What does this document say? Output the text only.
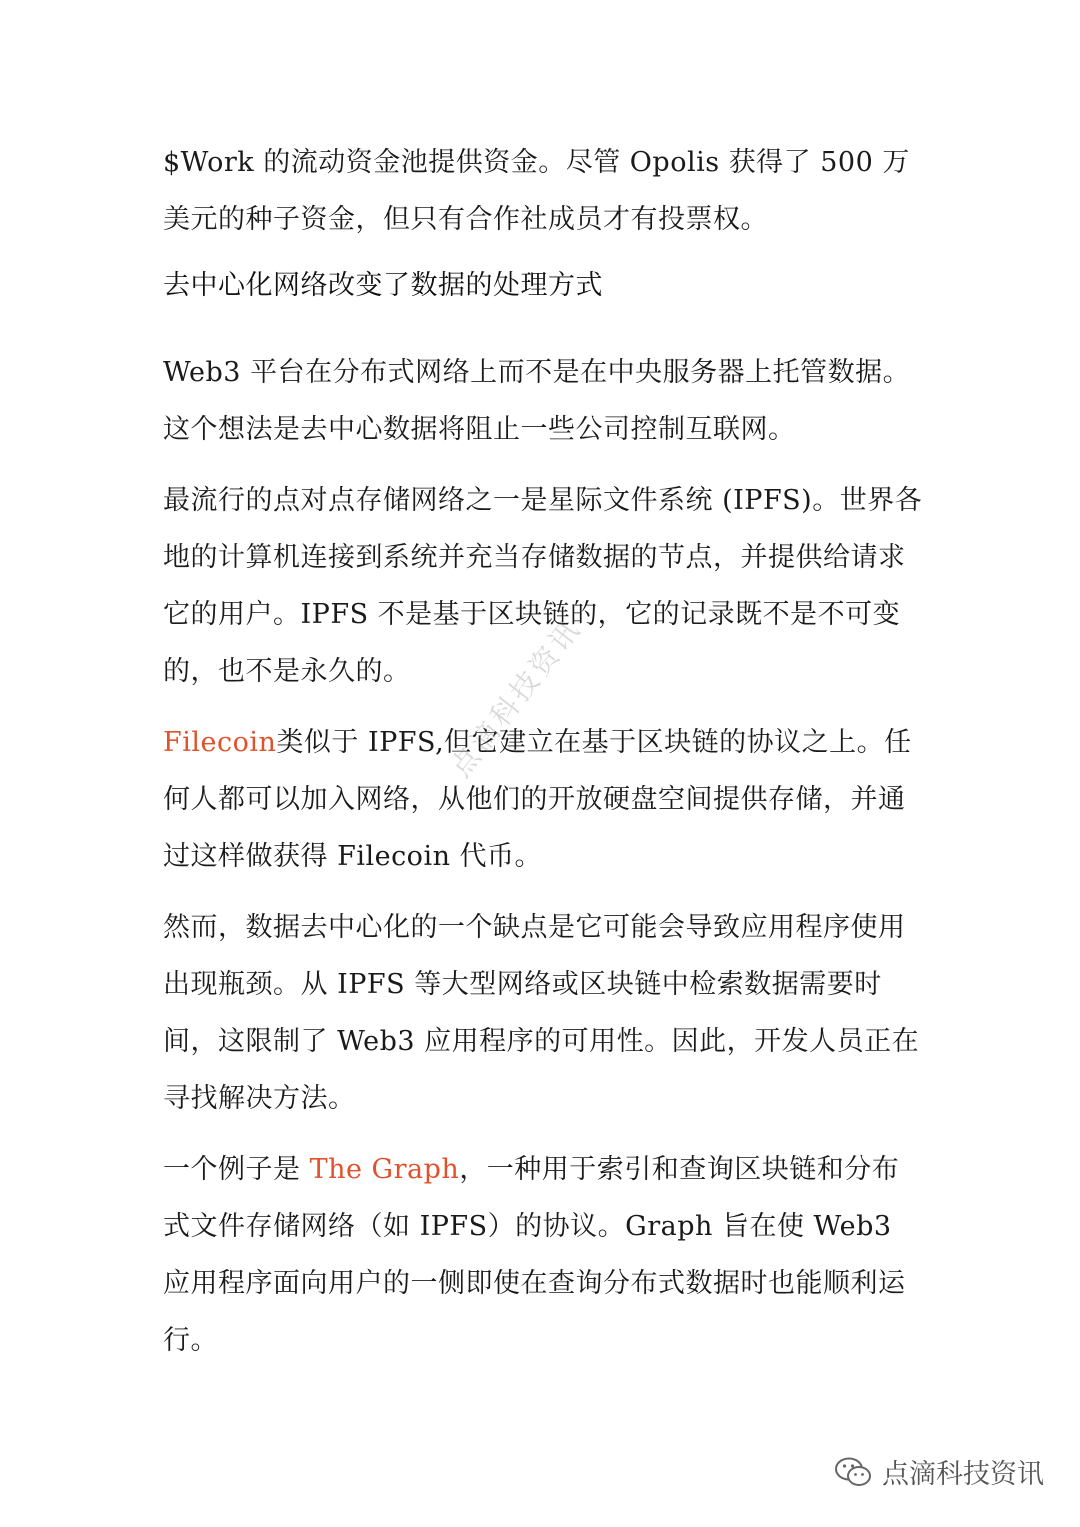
$Work 的流动资金池提供资金。尽管 Opolis 获得了 500 万美元的种子资金，但只有合作社成员才有投票权。

去中心化网络改变了数据的处理方式

Web3 平台在分布式网络上而不是在中央服务器上托管数据。这个想法是去中心数据将阻止一些公司控制互联网。

最流行的点对点存储网络之一是星际文件系统 (IPFS)。世界各地的计算机连接到系统并充当存储数据的节点，并提供给请求它的用户。IPFS 不是基于区块链的，它的记录既不是不可变的，也不是永久的。

Filecoin类似于 IPFS,但它建立在基于区块链的协议之上。任何人都可以加入网络，从他们的开放硬盘空间提供存储，并通过这样做获得 Filecoin 代币。

然而，数据去中心化的一个缺点是它可能会导致应用程序使用出现瓶颈。从 IPFS 等大型网络或区块链中检索数据需要时间，这限制了 Web3 应用程序的可用性。因此，开发人员正在寻找解决方法。

一个例子是 The Graph，一种用于索引和查询区块链和分布式文件存储网络（如 IPFS）的协议。Graph 旨在使 Web3 应用程序面向用户的一侧即使在查询分布式数据时也能顺利运行。

点滴科技资讯
点滴科技资讯
